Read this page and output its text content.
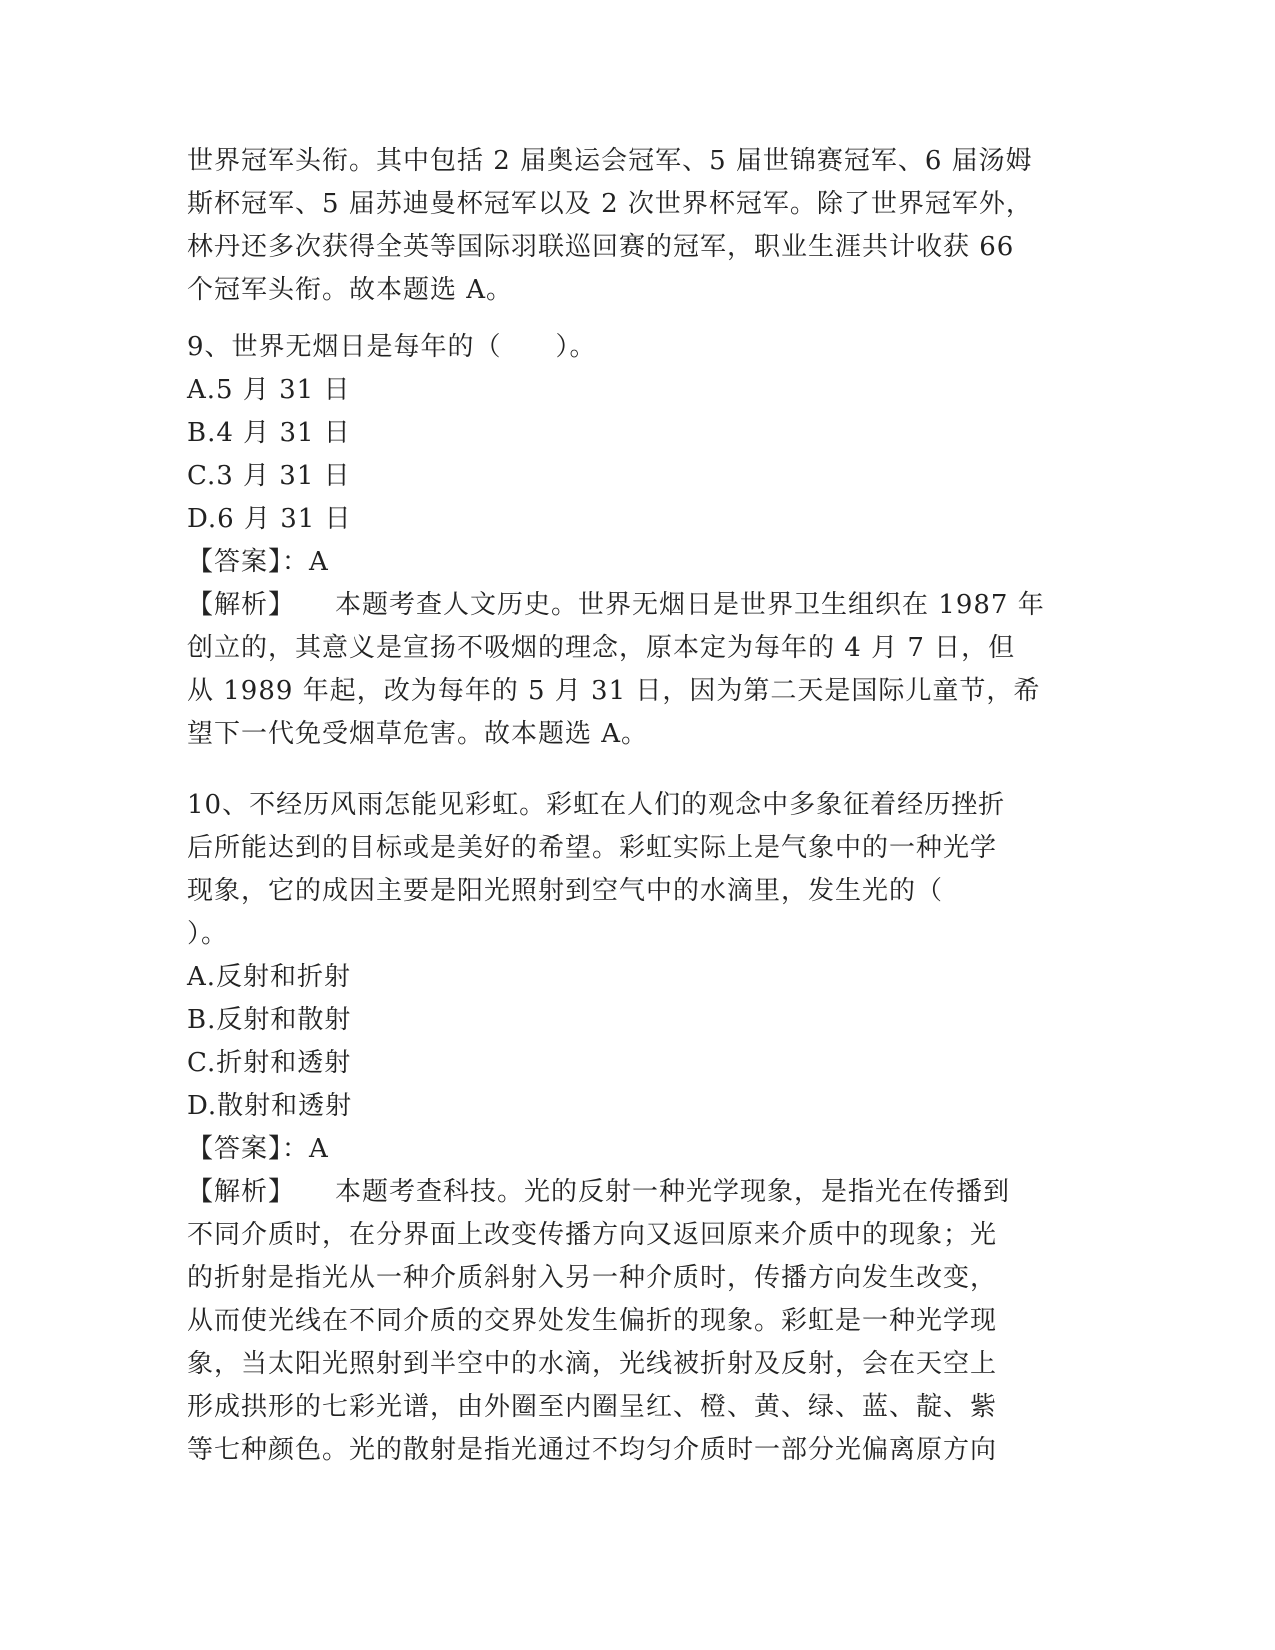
世界冠军头衔。其中包括 2 届奥运会冠军、5 届世锦赛冠军、6 届汤姆
斯杯冠军、5 届苏迪曼杯冠军以及 2 次世界杯冠军。除了世界冠军外，
林丹还多次获得全英等国际羽联巡回赛的冠军，职业生涯共计收获 66
个冠军头衔。故本题选 A。
9、世界无烟日是每年的（　　）。
A.5 月 31 日
B.4 月 31 日
C.3 月 31 日
D.6 月 31 日
【答案】：A
【解析】 本题考查人文历史。世界无烟日是世界卫生组织在 1987 年
创立的，其意义是宣扬不吸烟的理念，原本定为每年的 4 月 7 日，但
从 1989 年起，改为每年的 5 月 31 日，因为第二天是国际儿童节，希
望下一代免受烟草危害。故本题选 A。
10、不经历风雨怎能见彩虹。彩虹在人们的观念中多象征着经历挫折
后所能达到的目标或是美好的希望。彩虹实际上是气象中的一种光学
现象，它的成因主要是阳光照射到空气中的水滴里，发生光的（
）。
A.反射和折射
B.反射和散射
C.折射和透射
D.散射和透射
【答案】：A
【解析】 本题考查科技。光的反射一种光学现象，是指光在传播到
不同介质时，在分界面上改变传播方向又返回原来介质中的现象；光
的折射是指光从一种介质斜射入另一种介质时，传播方向发生改变，
从而使光线在不同介质的交界处发生偏折的现象。彩虹是一种光学现
象，当太阳光照射到半空中的水滴，光线被折射及反射，会在天空上
形成拱形的七彩光谱，由外圈至内圈呈红、橙、黄、绿、蓝、靛、紫
等七种颜色。光的散射是指光通过不均匀介质时一部分光偏离原方向
